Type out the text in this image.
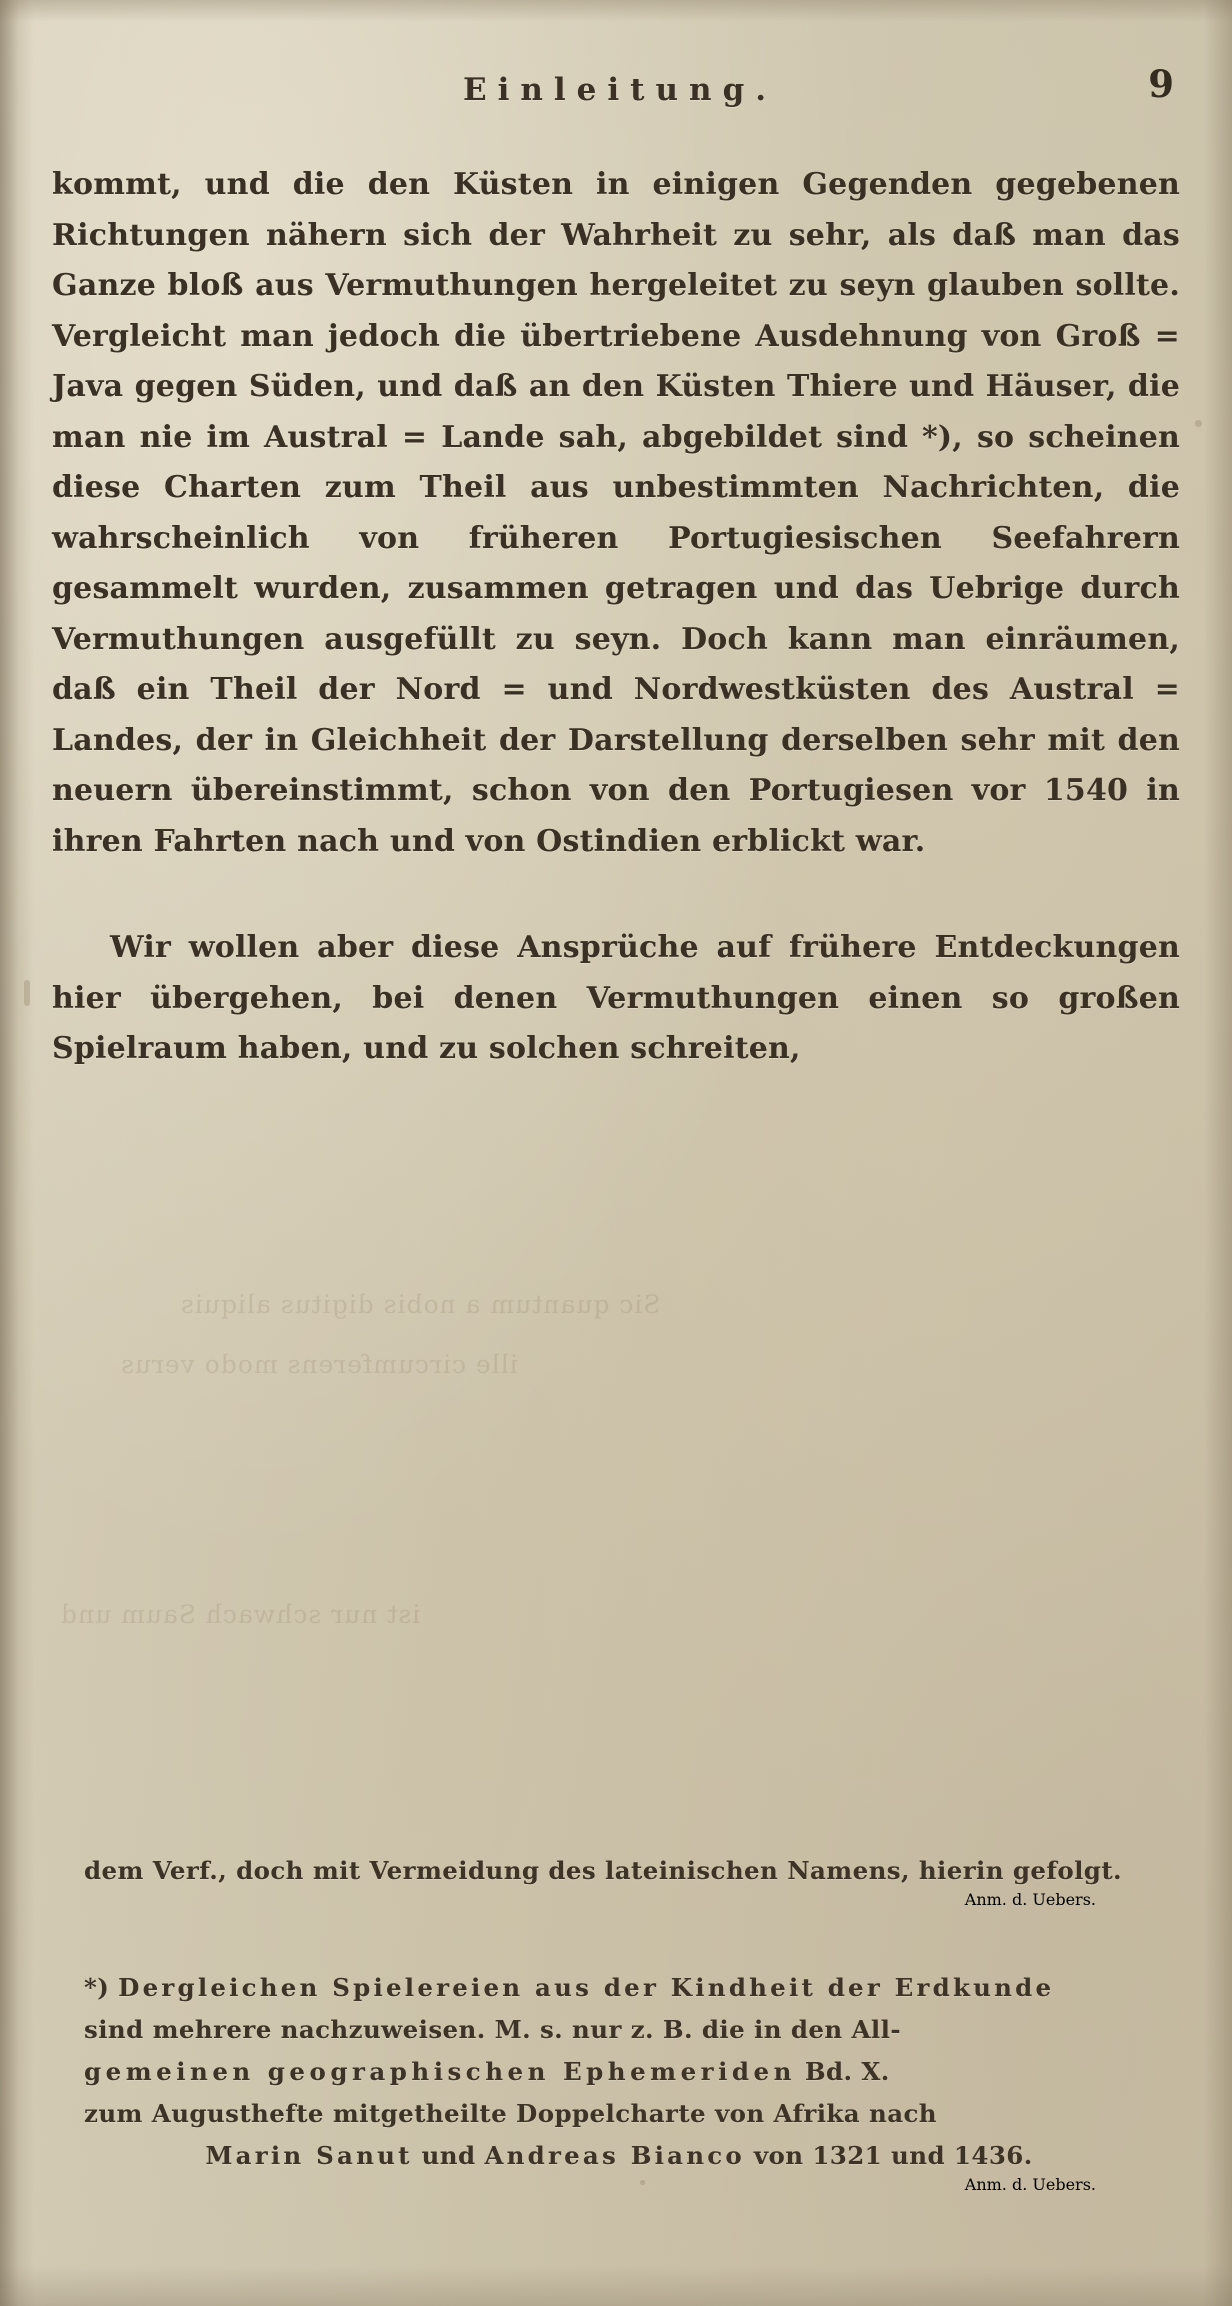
Sic quantum a nobis digitus aliquis
ille circumferens modo verus
ist nur schwach Saum und
Einleitung.	9

kommt, und die den Küsten in einigen Gegenden gegebenen Richtungen nähern sich der Wahrheit zu sehr, als daß man das Ganze bloß aus Vermuthungen hergeleitet zu seyn glauben sollte. Vergleicht man jedoch die übertriebene Ausdehnung von Groß = Java gegen Süden, und daß an den Küsten Thiere und Häuser, die man nie im Austral = Lande sah, abgebildet sind *), so scheinen diese Charten zum Theil aus unbestimmten Nachrichten, die wahrscheinlich von früheren Portugiesischen Seefahrern gesammelt wurden, zusammen getragen und das Uebrige durch Vermuthungen ausgefüllt zu seyn. Doch kann man einräumen, daß ein Theil der Nord = und Nordwestküsten des Austral = Landes, der in Gleichheit der Darstellung derselben sehr mit den neuern übereinstimmt, schon von den Portugiesen vor 1540 in ihren Fahrten nach und von Ostindien erblickt war.

Wir wollen aber diese Ansprüche auf frühere Entdeckungen hier übergehen, bei denen Vermuthungen einen so großen Spielraum haben, und zu solchen schreiten,

dem Verf., doch mit Vermeidung des lateinischen Namens, hierin gefolgt.

Anm. d. Uebers.

*) Dergleichen Spielereien aus der Kindheit der Erdkunde

sind mehrere nachzuweisen. M. s. nur z. B. die in den All-

gemeinen geographischen Ephemeriden Bd. X.

zum Augusthefte mitgetheilte Doppelcharte von Afrika nach

Marin Sanut und Andreas Bianco von 1321 und 1436.

Anm. d. Uebers.
